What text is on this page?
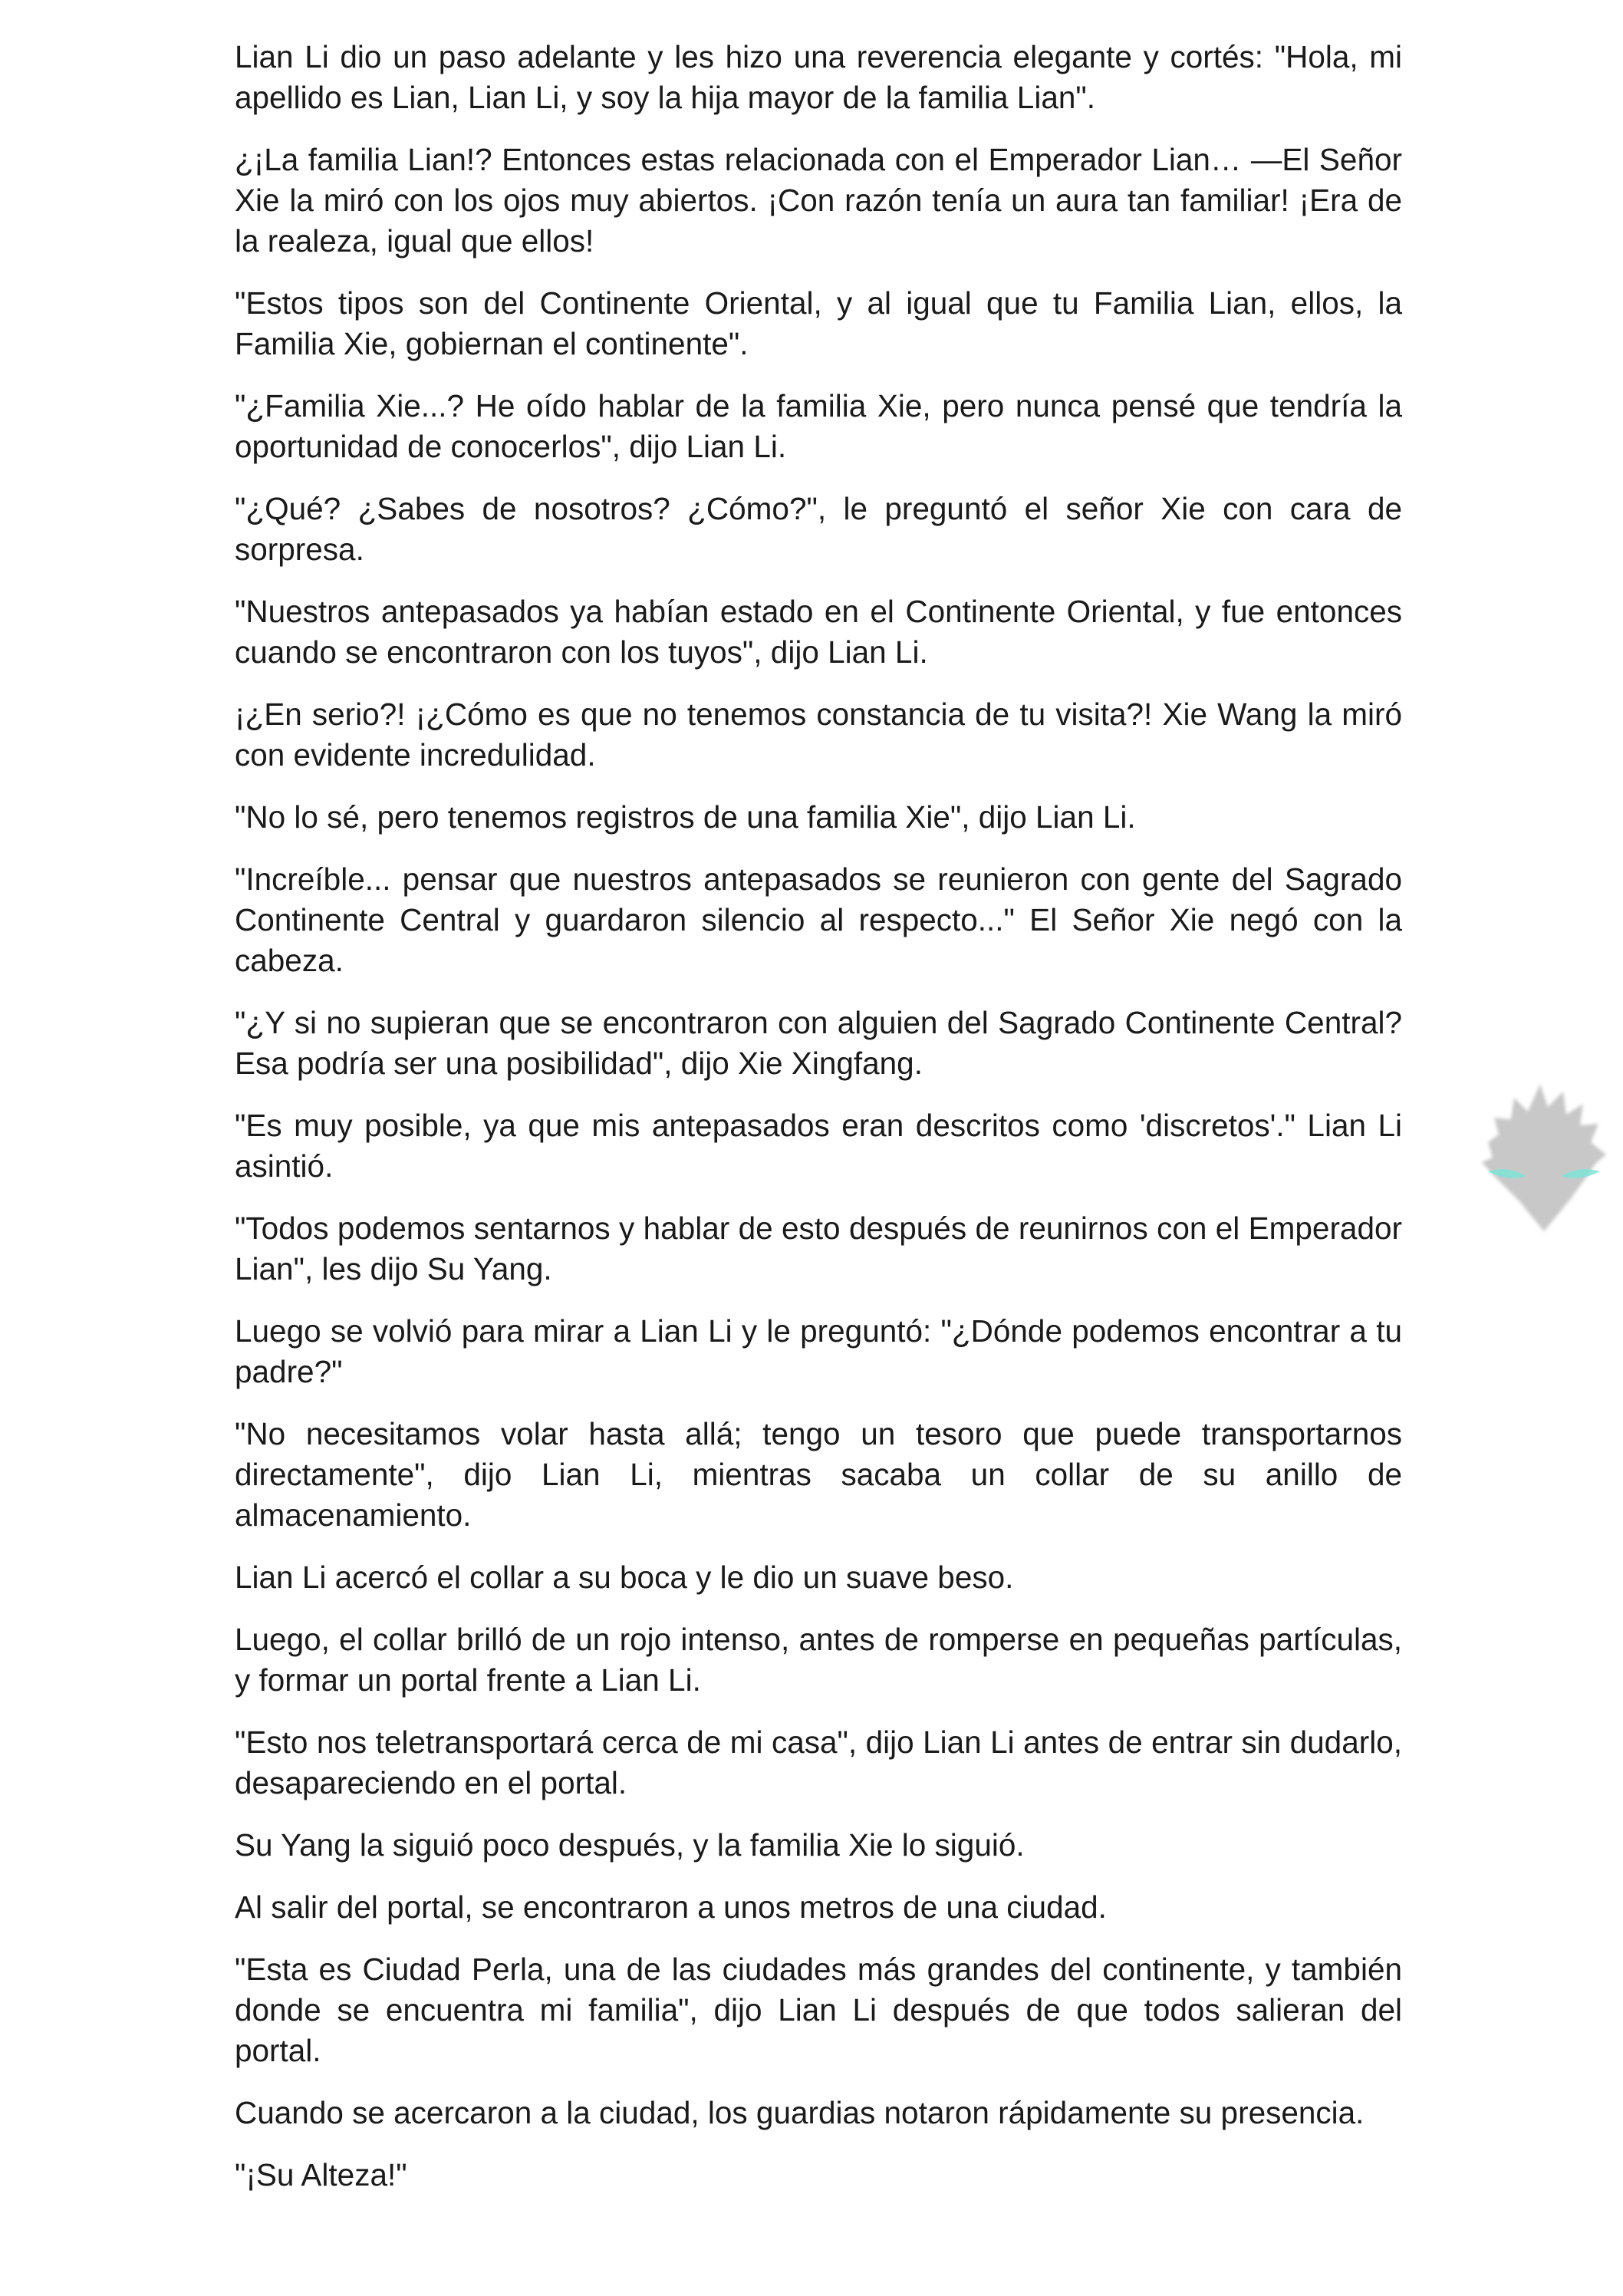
Lian Li dio un paso adelante y les hizo una reverencia elegante y cortés: "Hola, mi apellido es Lian, Lian Li, y soy la hija mayor de la familia Lian".

¿¡La familia Lian!? Entonces estas relacionada con el Emperador Lian… —El Señor Xie la miró con los ojos muy abiertos. ¡Con razón tenía un aura tan familiar! ¡Era de la realeza, igual que ellos!

"Estos tipos son del Continente Oriental, y al igual que tu Familia Lian, ellos, la Familia Xie, gobiernan el continente".

"¿Familia Xie...? He oído hablar de la familia Xie, pero nunca pensé que tendría la oportunidad de conocerlos", dijo Lian Li.

"¿Qué? ¿Sabes de nosotros? ¿Cómo?", le preguntó el señor Xie con cara de sorpresa.

"Nuestros antepasados ya habían estado en el Continente Oriental, y fue entonces cuando se encontraron con los tuyos", dijo Lian Li.

¡¿En serio?! ¡¿Cómo es que no tenemos constancia de tu visita?! Xie Wang la miró con evidente incredulidad.

"No lo sé, pero tenemos registros de una familia Xie", dijo Lian Li.

"Increíble... pensar que nuestros antepasados se reunieron con gente del Sagrado Continente Central y guardaron silencio al respecto..." El Señor Xie negó con la cabeza.

"¿Y si no supieran que se encontraron con alguien del Sagrado Continente Central? Esa podría ser una posibilidad", dijo Xie Xingfang.

"Es muy posible, ya que mis antepasados eran descritos como 'discretos'." Lian Li asintió.

"Todos podemos sentarnos y hablar de esto después de reunirnos con el Emperador Lian", les dijo Su Yang.

Luego se volvió para mirar a Lian Li y le preguntó: "¿Dónde podemos encontrar a tu padre?"

"No necesitamos volar hasta allá; tengo un tesoro que puede transportarnos directamente", dijo Lian Li, mientras sacaba un collar de su anillo de almacenamiento.

Lian Li acercó el collar a su boca y le dio un suave beso.

Luego, el collar brilló de un rojo intenso, antes de romperse en pequeñas partículas, y formar un portal frente a Lian Li.

"Esto nos teletransportará cerca de mi casa", dijo Lian Li antes de entrar sin dudarlo, desapareciendo en el portal.

Su Yang la siguió poco después, y la familia Xie lo siguió.

Al salir del portal, se encontraron a unos metros de una ciudad.

"Esta es Ciudad Perla, una de las ciudades más grandes del continente, y también donde se encuentra mi familia", dijo Lian Li después de que todos salieran del portal.

Cuando se acercaron a la ciudad, los guardias notaron rápidamente su presencia.

"¡Su Alteza!"
